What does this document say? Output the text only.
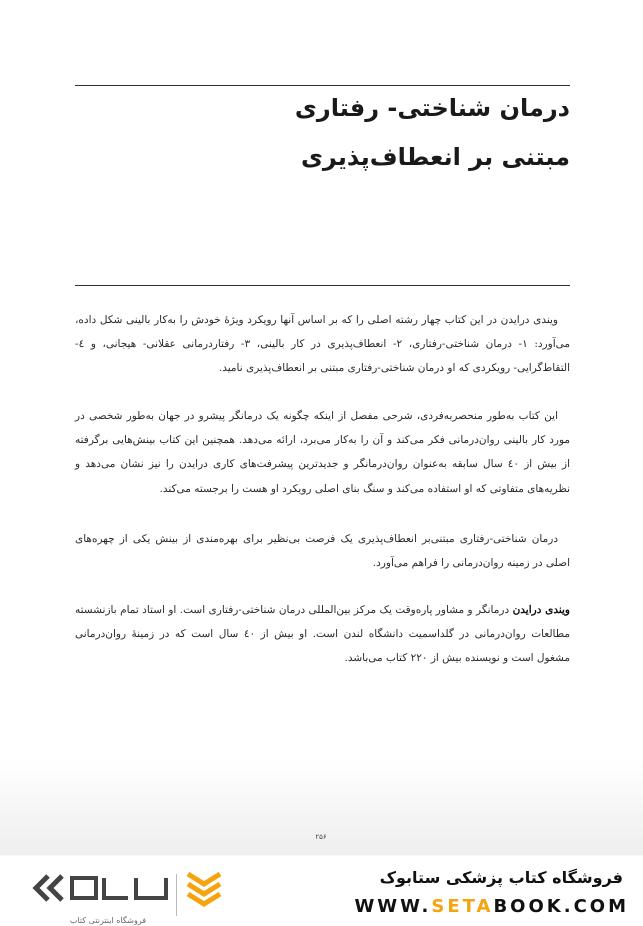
درمان شناختی- رفتاری
مبتنی بر انعطاف‌پذیری

ویندی درایدن در این کتاب چهار رشته اصلی را که بر اساس آنها رویکرد ویژۀ خودش را به‌کار بالینی شکل داده، می‌آورد: ۱- درمان شناختی-رفتاری، ۲- انعطاف‌پذیری در کار بالینی، ۳- رفتاردرمانی عقلانی- هیجانی، و ٤- التقاط‌گرایی- رویکردی که او درمان شناختی-رفتاری مبتنی بر انعطاف‌پذیری نامید.

این کتاب به‌طور منحصربه‌فردی، شرحی مفصل از اینکه چگونه یک درمانگر پیشرو در جهان به‌طور شخصی در مورد کار بالینی روان‌درمانی فکر می‌کند و آن را به‌کار می‌برد، ارائه می‌دهد. همچنین این کتاب بینش‌هایی برگرفته از بیش از ٤٠ سال سابقه به‌عنوان روان‌درمانگر و جدیدترین پیشرفت‌های کاری درایدن را نیز نشان می‌دهد و نظریه‌های متفاوتی که او استفاده می‌کند و سنگ بنای اصلی رویکرد او هست را برجسته می‌کند.

درمان شناختی-رفتاری مبتنی‌بر انعطاف‌پذیری یک فرصت بی‌نظیر برای بهره‌مندی از بینش یکی از چهره‌های اصلی در زمینه روان‌درمانی را فراهم می‌آورد.

ویندی درایدن درمانگر و مشاور پاره‌وقت یک مرکز بین‌المللی درمان شناختی-رفتاری است. او استاد تمام بازنشسته مطالعات روان‌درمانی در گلداسمیت دانشگاه لندن است. او بیش از ٤٠ سال است که در زمینۀ روان‌درمانی مشغول است و نویسنده بیش از ۲۲۰ کتاب می‌باشد.

۲۵۶
فروشگاه اینترنتی کتاب
فروشگاه کتاب پزشکی ستابوک
WWW.SETABOOK.COM
